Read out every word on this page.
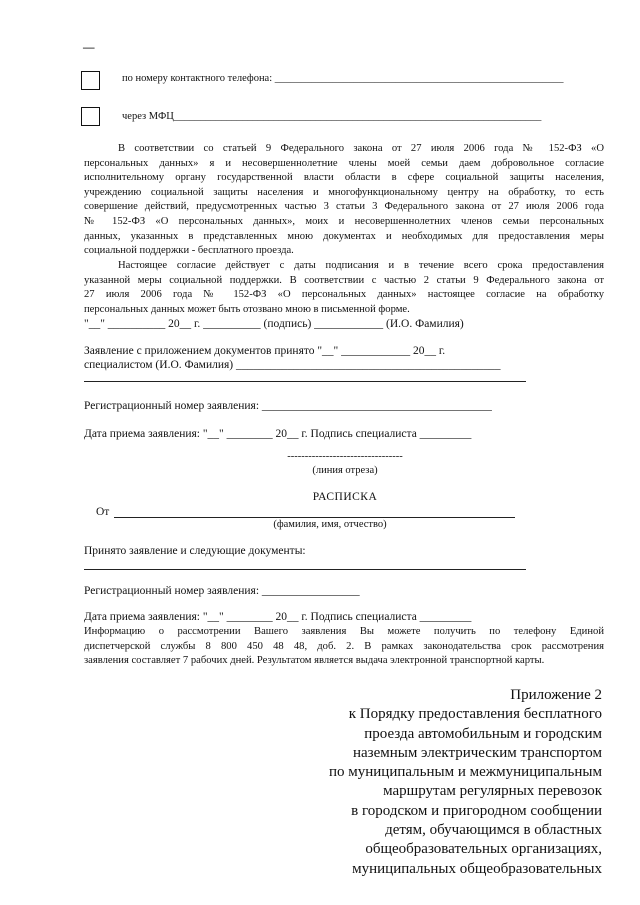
—
по номеру контактного телефона: _______________________________________________________
через МФЦ______________________________________________________________________
В соответствии со статьей 9 Федерального закона от 27 июля 2006 года № 152-ФЗ «О
персональных данных» я и несовершеннолетние члены моей семьи даем добровольное согласие
исполнительному органу государственной власти области в сфере социальной защиты населения,
учреждению социальной защиты населения и многофункциональному центру на обработку, то есть
совершение действий, предусмотренных частью 3 статьи 3 Федерального закона от 27 июля 2006 года
№ 152-ФЗ «О персональных данных», моих и несовершеннолетних членов семьи персональных
данных, указанных в представленных мною документах и необходимых для предоставления меры
социальной поддержки - бесплатного проезда.
Настоящее согласие действует с даты подписания и в течение всего срока предоставления
указанной меры социальной поддержки. В соответствии с частью 2 статьи 9 Федерального закона от
27 июля 2006 года № 152-ФЗ «О персональных данных» настоящее согласие на обработку
персональных данных может быть отозвано мною в письменной форме.
"__" __________ 20__ г. __________ (подпись) ____________ (И.О. Фамилия)
Заявление с приложением документов принято "__" ____________ 20__ г.
специалистом (И.О. Фамилия) ______________________________________________
Регистрационный номер заявления: ________________________________________
Дата приема заявления: "__" ________ 20__ г. Подпись специалиста _________
---------------------------------
(линия отреза)
РАСПИСКА
От
(фамилия, имя, отчество)
Принято заявление и следующие документы:
Регистрационный номер заявления: _________________
Дата приема заявления: "__" ________ 20__ г. Подпись специалиста _________
Информацию о рассмотрении Вашего заявления Вы можете получить по телефону Единой
диспетчерской службы 8 800 450 48 48, доб. 2. В рамках законодательства срок рассмотрения
заявления составляет 7 рабочих дней. Результатом является выдача электронной транспортной карты.
Приложение 2
к Порядку предоставления бесплатного
проезда автомобильным и городским
наземным электрическим транспортом
по муниципальным и межмуниципальным
маршрутам регулярных перевозок
в городском и пригородном сообщении
детям, обучающимся в областных
общеобразовательных организациях,
муниципальных общеобразовательных
